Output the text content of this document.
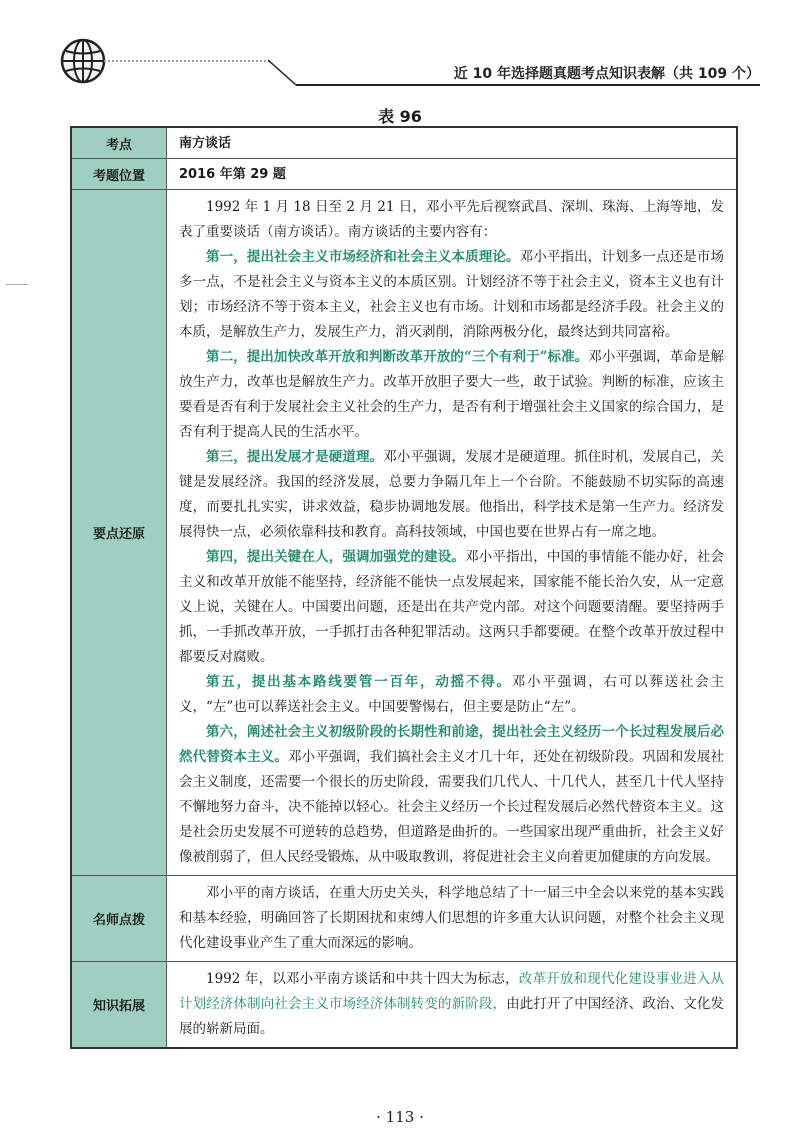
近 10 年选择题真题考点知识表解（共 109 个）
表 96
考点	南方谈话
考题位置	2016 年第 29 题
要点还原

1992 年 1 月 18 日至 2 月 21 日，邓小平先后视察武昌、深圳、珠海、上海等地，发表了重要谈话（南方谈话）。南方谈话的主要内容有：

第一，提出社会主义市场经济和社会主义本质理论。邓小平指出，计划多一点还是市场多一点，不是社会主义与资本主义的本质区别。计划经济不等于社会主义，资本主义也有计划；市场经济不等于资本主义，社会主义也有市场。计划和市场都是经济手段。社会主义的本质，是解放生产力，发展生产力，消灭剥削，消除两极分化，最终达到共同富裕。

第二，提出加快改革开放和判断改革开放的“三个有利于”标准。邓小平强调，革命是解放生产力，改革也是解放生产力。改革开放胆子要大一些，敢于试验。判断的标准，应该主要看是否有利于发展社会主义社会的生产力，是否有利于增强社会主义国家的综合国力，是否有利于提高人民的生活水平。

第三，提出发展才是硬道理。邓小平强调，发展才是硬道理。抓住时机，发展自己，关键是发展经济。我国的经济发展，总要力争隔几年上一个台阶。不能鼓励不切实际的高速度，而要扎扎实实，讲求效益，稳步协调地发展。他指出，科学技术是第一生产力。经济发展得快一点，必须依靠科技和教育。高科技领域，中国也要在世界占有一席之地。

第四，提出关键在人，强调加强党的建设。邓小平指出，中国的事情能不能办好，社会主义和改革开放能不能坚持，经济能不能快一点发展起来，国家能不能长治久安，从一定意义上说，关键在人。中国要出问题，还是出在共产党内部。对这个问题要清醒。要坚持两手抓，一手抓改革开放，一手抓打击各种犯罪活动。这两只手都要硬。在整个改革开放过程中都要反对腐败。

第五，提出基本路线要管一百年，动摇不得。邓小平强调，右可以葬送社会主义，“左”也可以葬送社会主义。中国要警惕右，但主要是防止“左”。

第六，阐述社会主义初级阶段的长期性和前途，提出社会主义经历一个长过程发展后必然代替资本主义。邓小平强调，我们搞社会主义才几十年，还处在初级阶段。巩固和发展社会主义制度，还需要一个很长的历史阶段，需要我们几代人、十几代人，甚至几十代人坚持不懈地努力奋斗，决不能掉以轻心。社会主义经历一个长过程发展后必然代替资本主义。这是社会历史发展不可逆转的总趋势，但道路是曲折的。一些国家出现严重曲折，社会主义好像被削弱了，但人民经受锻炼，从中吸取教训，将促进社会主义向着更加健康的方向发展。

名师点拨

邓小平的南方谈话，在重大历史关头，科学地总结了十一届三中全会以来党的基本实践和基本经验，明确回答了长期困扰和束缚人们思想的许多重大认识问题，对整个社会主义现代化建设事业产生了重大而深远的影响。

知识拓展

1992 年，以邓小平南方谈话和中共十四大为标志，改革开放和现代化建设事业进入从计划经济体制向社会主义市场经济体制转变的新阶段，由此打开了中国经济、政治、文化发展的崭新局面。

· 113 ·
